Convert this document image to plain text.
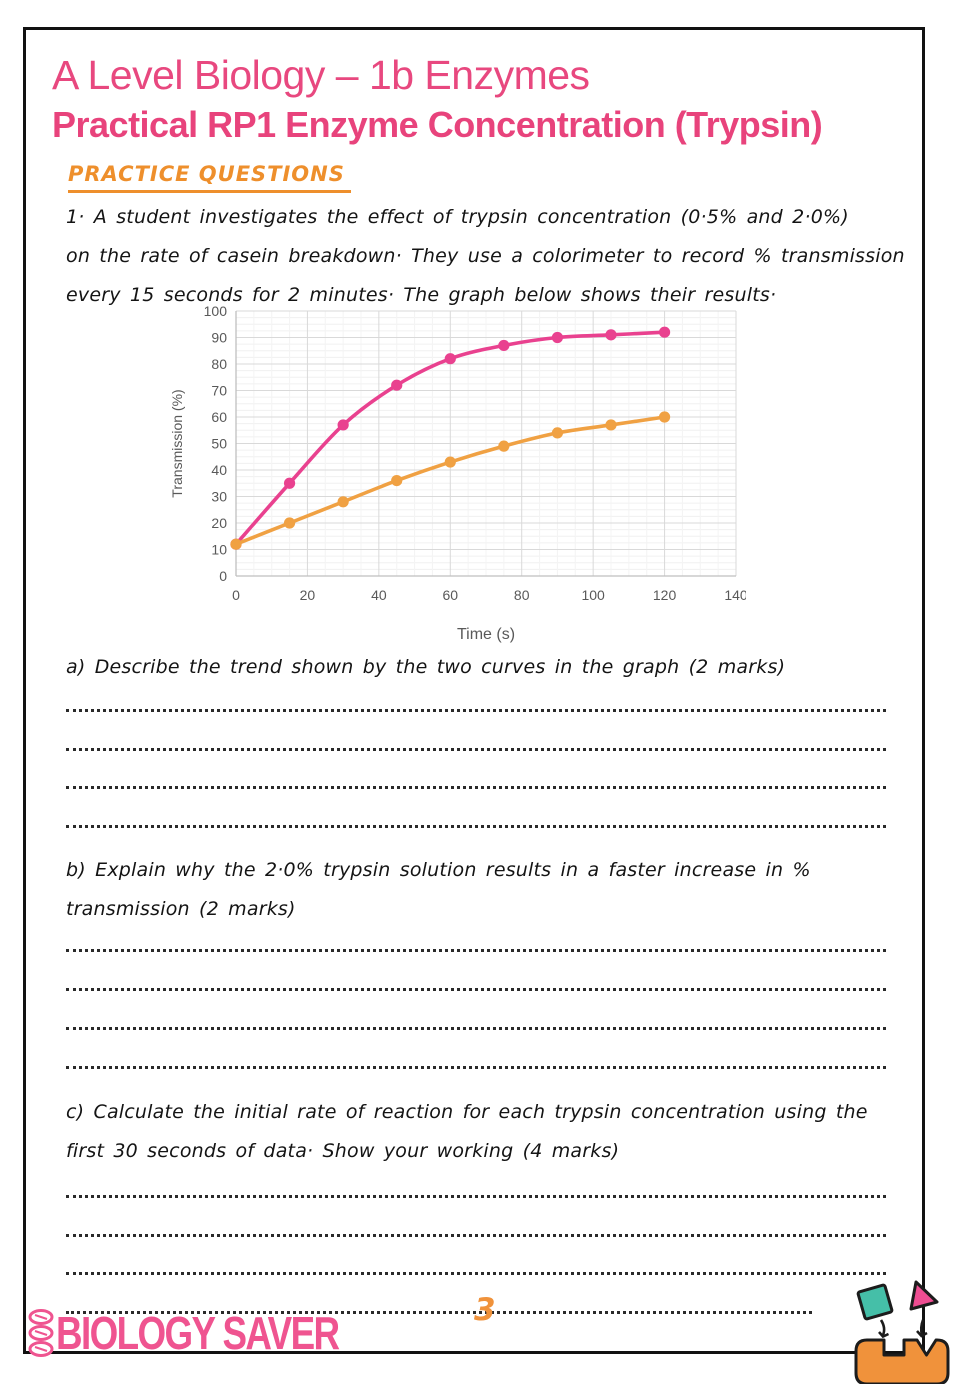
A Level Biology – 1b Enzymes
Practical RP1 Enzyme Concentration (Trypsin)
PRACTICE QUESTIONS
1· A student investigates the effect of trypsin concentration (0·5% and 2·0%)
on the rate of casein breakdown· They use a colorimeter to record % transmission
every 15 seconds for 2 minutes· The graph below shows their results·
0
10
20
30
40
50
60
70
80
90
100
0	20	40	60	80	100	120	140
Time (s)
Transmission (%)
a) Describe the trend shown by the two curves in the graph (2 marks)
b) Explain why the 2·0% trypsin solution results in a faster increase in %
transmission (2 marks)
c) Calculate the initial rate of reaction for each trypsin concentration using the
first 30 seconds of data· Show your working (4 marks)
3
BIOLOGY SAVER
